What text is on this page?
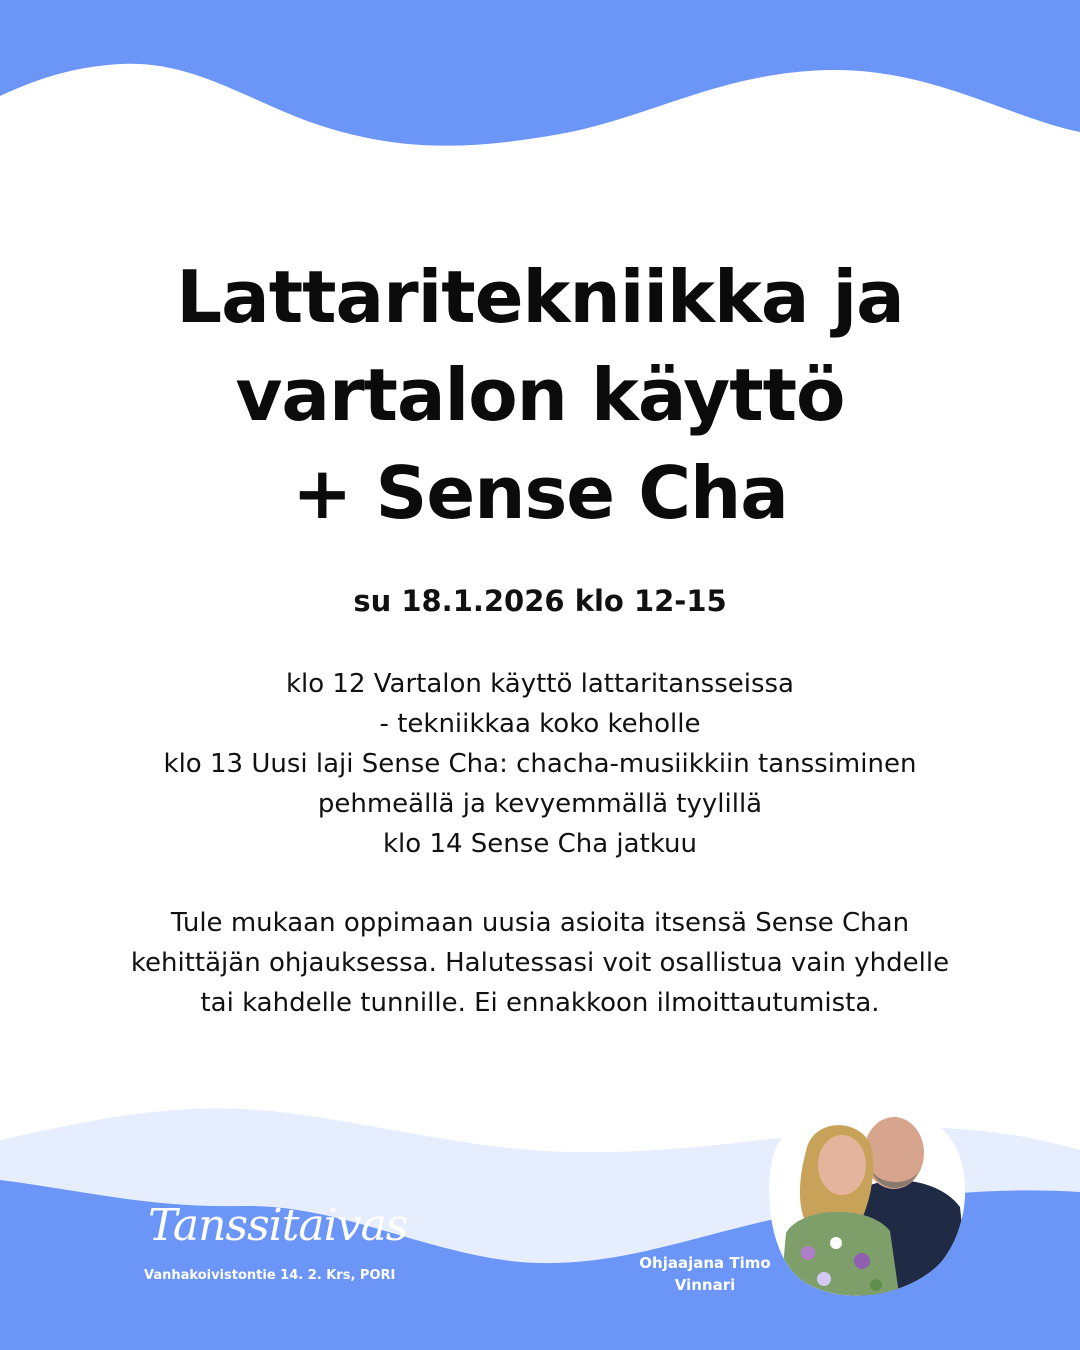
Lattaritekniikka ja
vartalon käyttö
+ Sense Cha
su 18.1.2026 klo 12-15
klo 12 Vartalon käyttö lattaritansseissa
- tekniikkaa koko keholle
klo 13 Uusi laji Sense Cha: chacha-musiikkiin tanssiminen
pehmeällä ja kevyemmällä tyylillä
klo 14 Sense Cha jatkuu
Tule mukaan oppimaan uusia asioita itsensä Sense Chan
kehittäjän ohjauksessa. Halutessasi voit osallistua vain yhdelle
tai kahdelle tunnille. Ei ennakkoon ilmoittautumista.
Tanssitaivas
Vanhakoivistontie 14. 2. Krs, PORI
Ohjaajana Timo
Vinnari
